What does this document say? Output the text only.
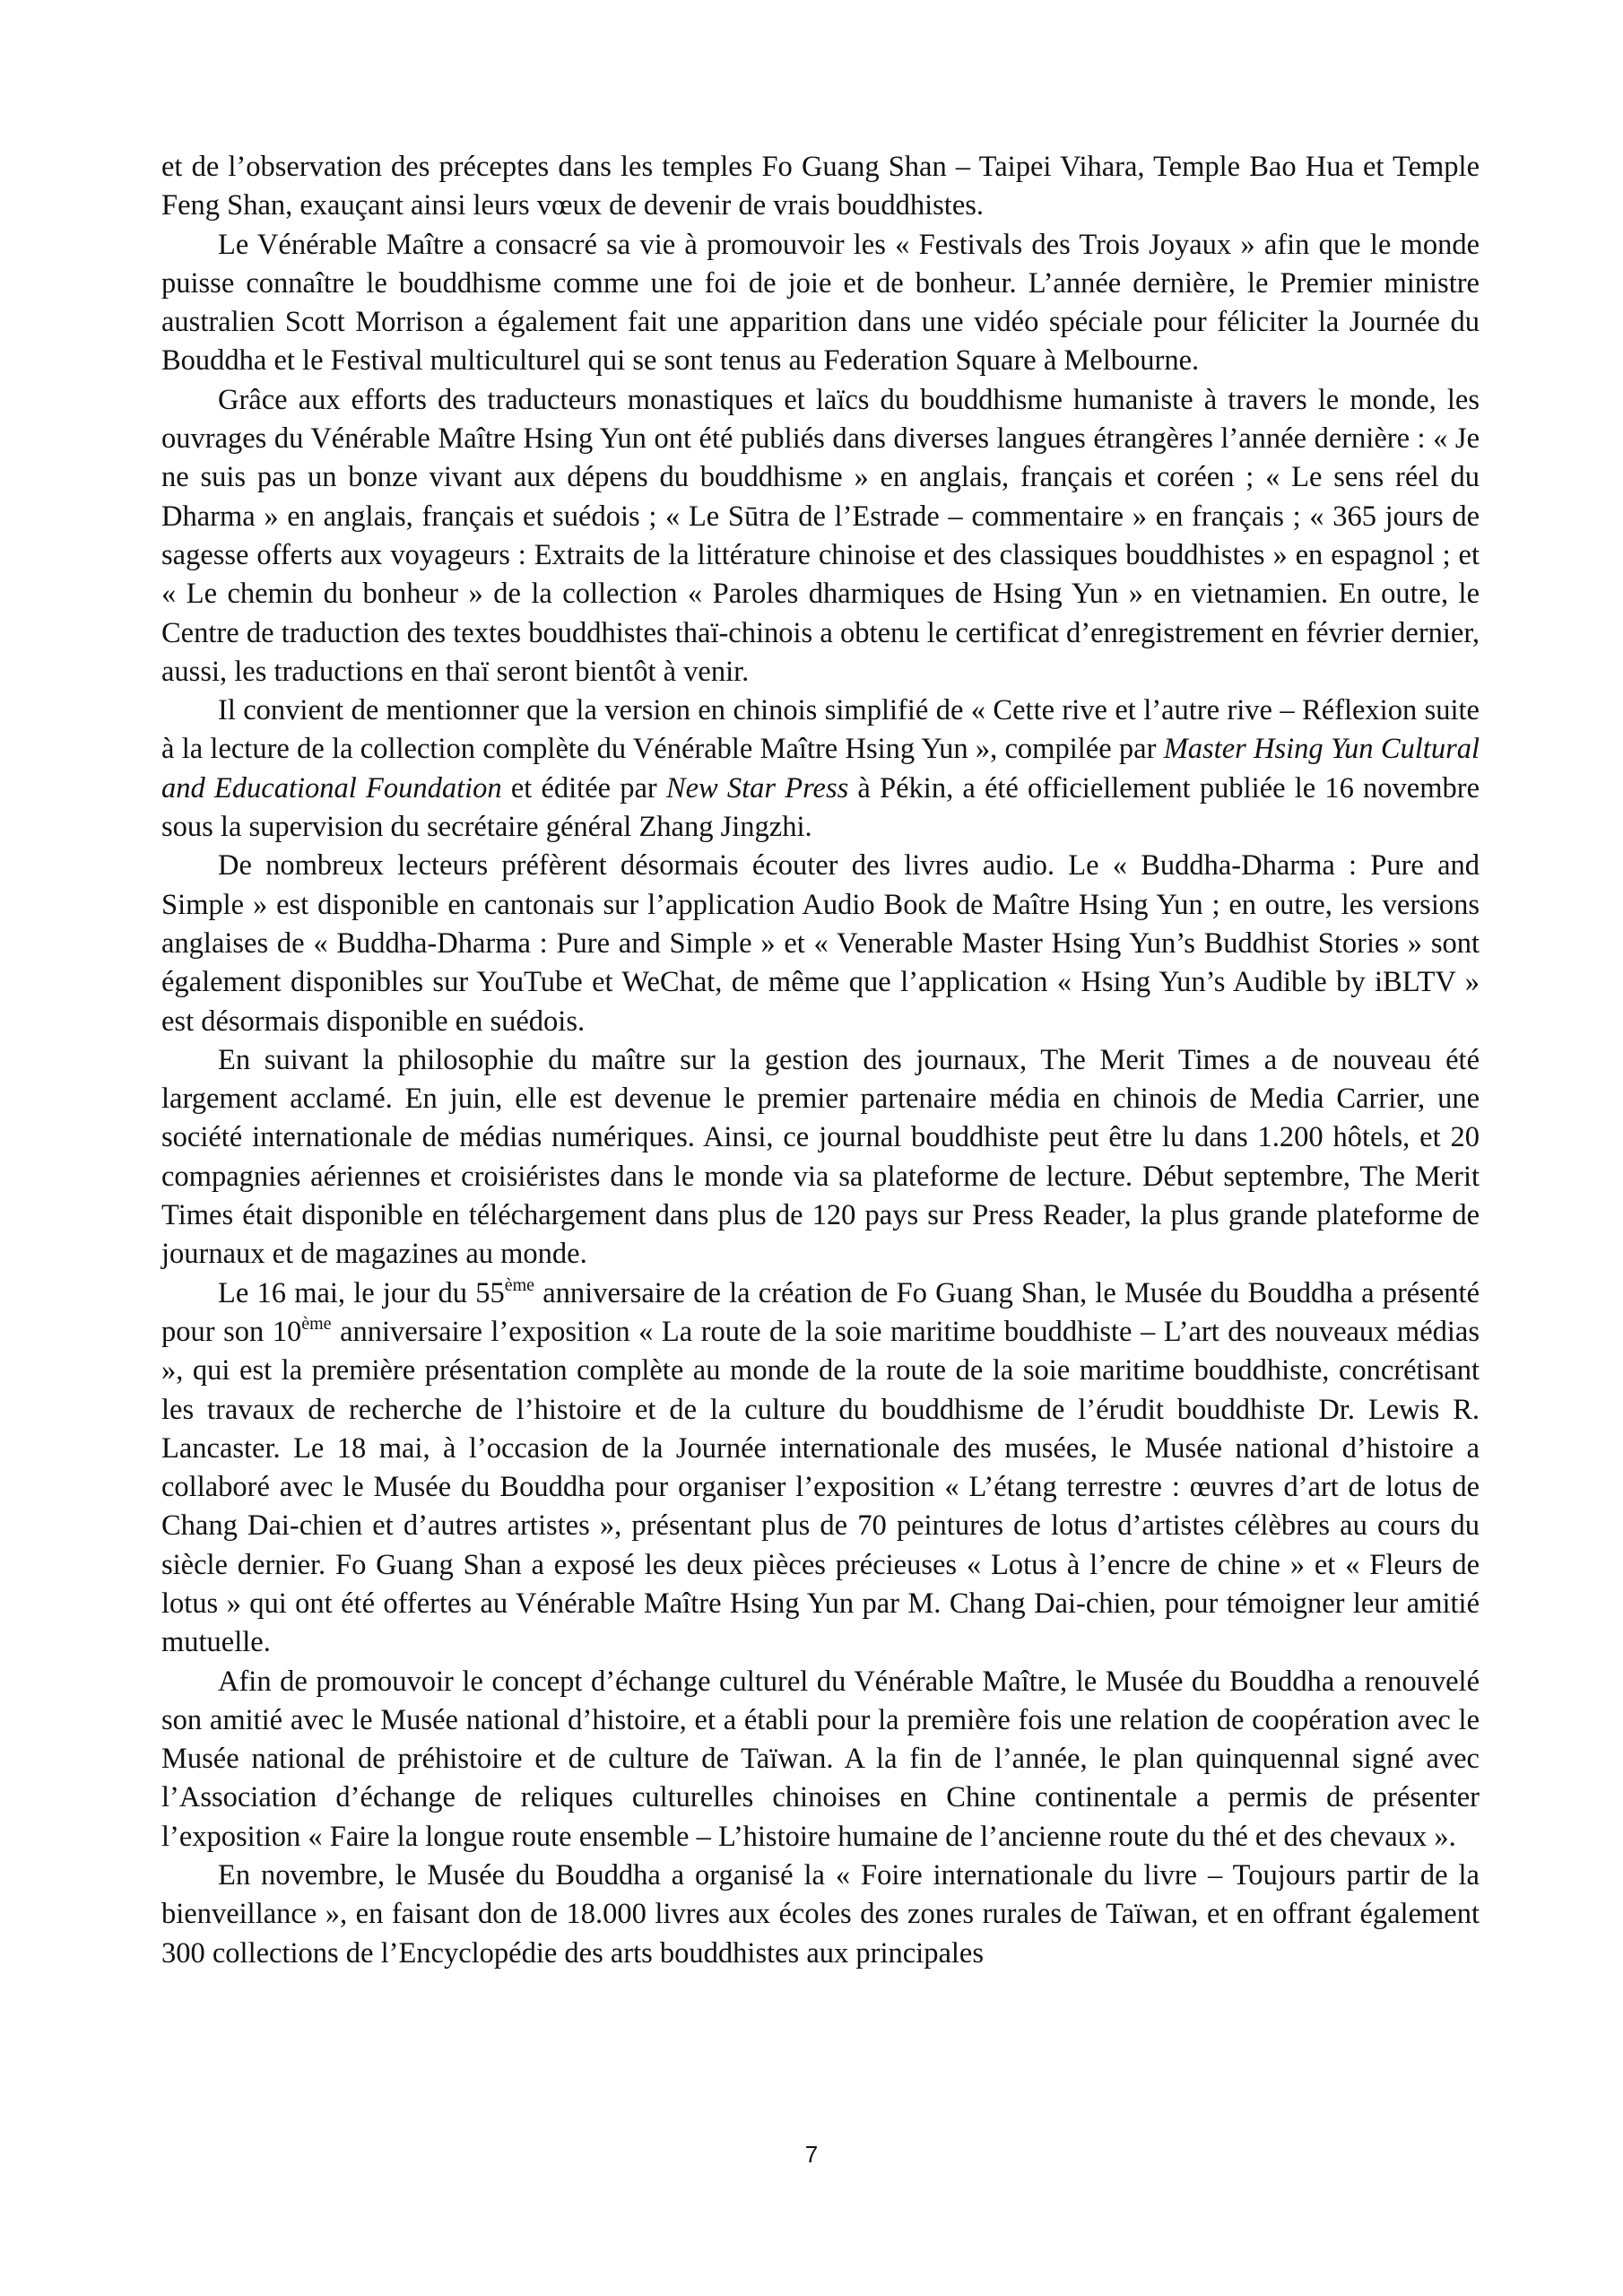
et de l’observation des préceptes dans les temples Fo Guang Shan – Taipei Vihara, Temple Bao Hua et Temple Feng Shan, exauçant ainsi leurs vœux de devenir de vrais bouddhistes.

Le Vénérable Maître a consacré sa vie à promouvoir les « Festivals des Trois Joyaux » afin que le monde puisse connaître le bouddhisme comme une foi de joie et de bonheur. L’année dernière, le Premier ministre australien Scott Morrison a également fait une apparition dans une vidéo spéciale pour féliciter la Journée du Bouddha et le Festival multiculturel qui se sont tenus au Federation Square à Melbourne.

Grâce aux efforts des traducteurs monastiques et laïcs du bouddhisme humaniste à travers le monde, les ouvrages du Vénérable Maître Hsing Yun ont été publiés dans diverses langues étrangères l’année dernière : « Je ne suis pas un bonze vivant aux dépens du bouddhisme » en anglais, français et coréen ; « Le sens réel du Dharma » en anglais, français et suédois ; « Le Sūtra de l’Estrade – commentaire » en français ; « 365 jours de sagesse offerts aux voyageurs : Extraits de la littérature chinoise et des classiques bouddhistes » en espagnol ; et « Le chemin du bonheur » de la collection « Paroles dharmiques de Hsing Yun » en vietnamien. En outre, le Centre de traduction des textes bouddhistes thaï-chinois a obtenu le certificat d’enregistrement en février dernier, aussi, les traductions en thaï seront bientôt à venir.

Il convient de mentionner que la version en chinois simplifié de « Cette rive et l’autre rive – Réflexion suite à la lecture de la collection complète du Vénérable Maître Hsing Yun », compilée par Master Hsing Yun Cultural and Educational Foundation et éditée par New Star Press à Pékin, a été officiellement publiée le 16 novembre sous la supervision du secrétaire général Zhang Jingzhi.

De nombreux lecteurs préfèrent désormais écouter des livres audio. Le « Buddha-Dharma : Pure and Simple » est disponible en cantonais sur l’application Audio Book de Maître Hsing Yun ; en outre, les versions anglaises de « Buddha-Dharma : Pure and Simple » et « Venerable Master Hsing Yun’s Buddhist Stories » sont également disponibles sur YouTube et WeChat, de même que l’application « Hsing Yun’s Audible by iBLTV » est désormais disponible en suédois.

En suivant la philosophie du maître sur la gestion des journaux, The Merit Times a de nouveau été largement acclamé. En juin, elle est devenue le premier partenaire média en chinois de Media Carrier, une société internationale de médias numériques. Ainsi, ce journal bouddhiste peut être lu dans 1.200 hôtels, et 20 compagnies aériennes et croisiéristes dans le monde via sa plateforme de lecture. Début septembre, The Merit Times était disponible en téléchargement dans plus de 120 pays sur Press Reader, la plus grande plateforme de journaux et de magazines au monde.

Le 16 mai, le jour du 55ème anniversaire de la création de Fo Guang Shan, le Musée du Bouddha a présenté pour son 10ème anniversaire l’exposition « La route de la soie maritime bouddhiste – L’art des nouveaux médias », qui est la première présentation complète au monde de la route de la soie maritime bouddhiste, concrétisant les travaux de recherche de l’histoire et de la culture du bouddhisme de l’érudit bouddhiste Dr. Lewis R. Lancaster. Le 18 mai, à l’occasion de la Journée internationale des musées, le Musée national d’histoire a collaboré avec le Musée du Bouddha pour organiser l’exposition « L’étang terrestre : œuvres d’art de lotus de Chang Dai-chien et d’autres artistes », présentant plus de 70 peintures de lotus d’artistes célèbres au cours du siècle dernier. Fo Guang Shan a exposé les deux pièces précieuses « Lotus à l’encre de chine » et « Fleurs de lotus » qui ont été offertes au Vénérable Maître Hsing Yun par M. Chang Dai-chien, pour témoigner leur amitié mutuelle.

Afin de promouvoir le concept d’échange culturel du Vénérable Maître, le Musée du Bouddha a renouvelé son amitié avec le Musée national d’histoire, et a établi pour la première fois une relation de coopération avec le Musée national de préhistoire et de culture de Taïwan. A la fin de l’année, le plan quinquennal signé avec l’Association d’échange de reliques culturelles chinoises en Chine continentale a permis de présenter l’exposition « Faire la longue route ensemble – L’histoire humaine de l’ancienne route du thé et des chevaux ».

En novembre, le Musée du Bouddha a organisé la « Foire internationale du livre – Toujours partir de la bienveillance », en faisant don de 18.000 livres aux écoles des zones rurales de Taïwan, et en offrant également 300 collections de l’Encyclopédie des arts bouddhistes aux principales

7
